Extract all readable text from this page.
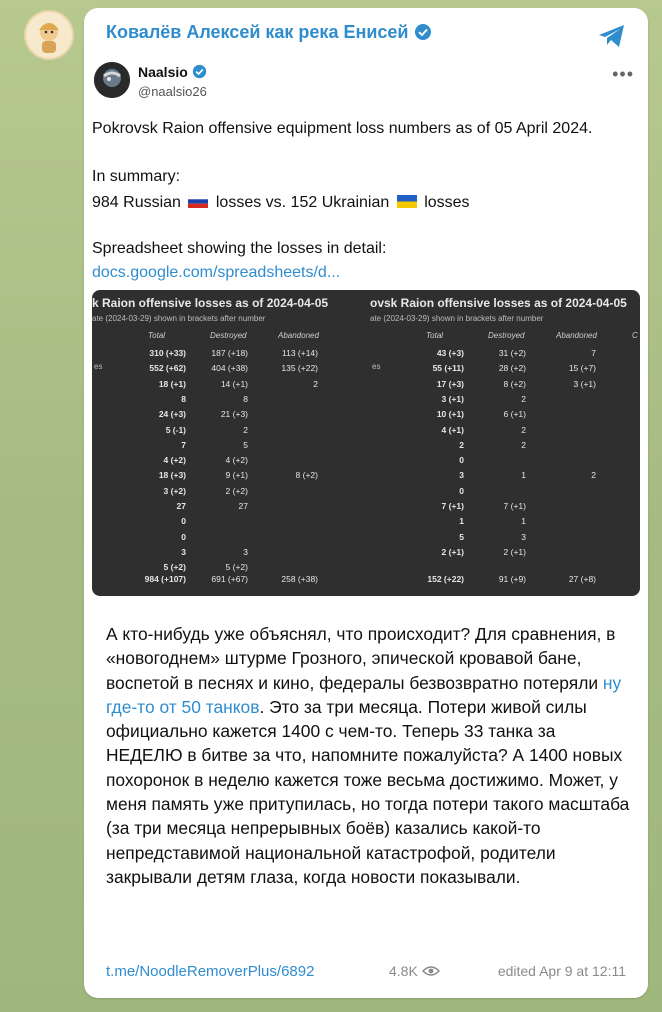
Ковалёв Алексей как река Енисей
Naalsio
@naalsio26
•••
Pokrovsk Raion offensive equipment loss numbers as of 05 April 2024.
In summary:
984 Russian losses vs. 152 Ukrainian losses
Spreadsheet showing the losses in detail:
docs.google.com/spreadsheets/d...
k Raion offensive losses as of 2024-04-05
ate (2024-03-29) shown in brackets after number
Total	Destroyed	Abandoned
es
310 (+33)	187 (+18)	113 (+14)
552 (+62)	404 (+38)	135 (+22)
18 (+1)	14 (+1)	2
8	8
24 (+3)	21 (+3)
5 (-1)	2
7	5
4 (+2)	4 (+2)
18 (+3)	9 (+1)	8 (+2)
3 (+2)	2 (+2)
27	27
0
0
3	3
5 (+2)	5 (+2)
984 (+107)	691 (+67)	258 (+38)
ovsk Raion offensive losses as of 2024-04-05
ate (2024-03-29) shown in brackets after number
Total	Destroyed	Abandoned	C
es
43 (+3)	31 (+2)	7
55 (+11)	28 (+2)	15 (+7)
17 (+3)	8 (+2)	3 (+1)
3 (+1)	2
10 (+1)	6 (+1)
4 (+1)	2
2	2
0
3	1	2
0
7 (+1)	7 (+1)
1	1
5	3
2 (+1)	2 (+1)
152 (+22)	91 (+9)	27 (+8)
А кто-нибудь уже объяснял, что происходит? Для сравнения, в «новогоднем» штурме Грозного, эпической кровавой бане, воспетой в песнях и кино, федералы безвозвратно потеряли ну где-то от 50 танков. Это за три месяца. Потери живой силы официально кажется 1400 с чем-то. Теперь 33 танка за НЕДЕЛЮ в битве за что, напомните пожалуйста? А 1400 новых похоронок в неделю кажется тоже весьма достижимо. Может, у меня память уже притупилась, но тогда потери такого масштаба (за три месяца непрерывных боёв) казались какой-то непредставимой национальной катастрофой, родители закрывали детям глаза, когда новости показывали.
t.me/NoodleRemoverPlus/6892	4.8K	edited Apr 9 at 12:11
